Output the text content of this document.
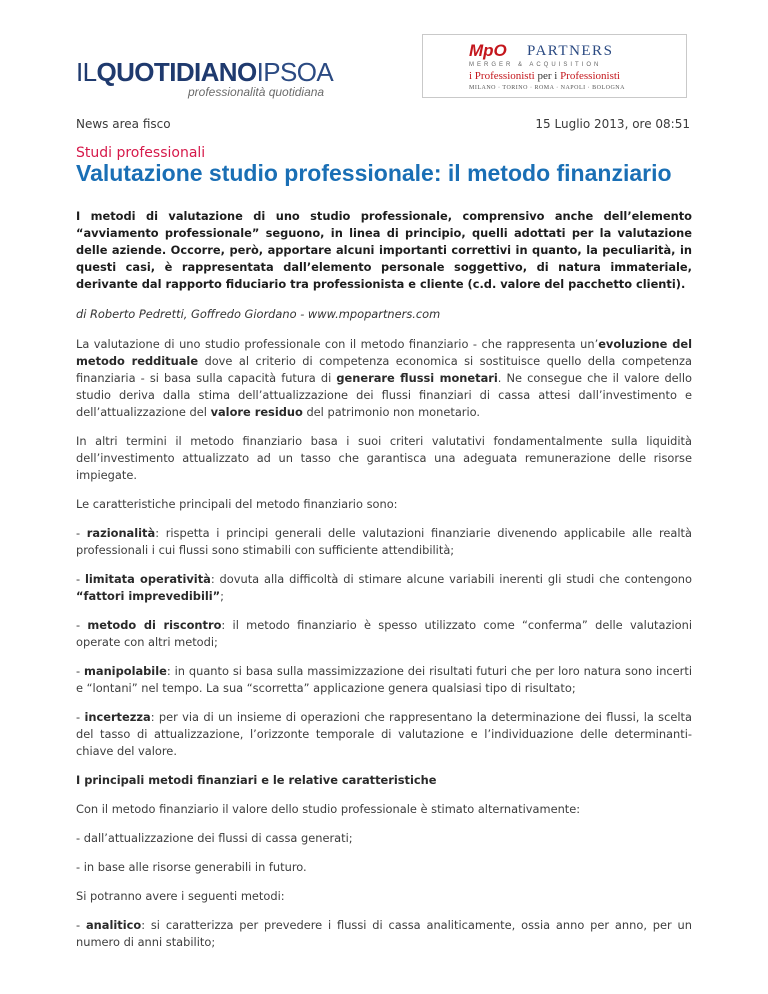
ILQUOTIDIANOIPSOA
professionalità quotidiana
MpO PARTNERS
MERGER & ACQUISITION
i Professionisti per i Professionisti
MILANO · TORINO · ROMA · NAPOLI · BOLOGNA
News area fisco	15 Luglio 2013, ore 08:51
Studi professionali
Valutazione studio professionale: il metodo finanziario

I metodi di valutazione di uno studio professionale, comprensivo anche dell’elemento “avviamento professionale” seguono, in linea di principio, quelli adottati per la valutazione delle aziende. Occorre, però, apportare alcuni importanti correttivi in quanto, la peculiarità, in questi casi, è rappresentata dall’elemento personale soggettivo, di natura immateriale, derivante dal rapporto fiduciario tra professionista e cliente (c.d. valore del pacchetto clienti).

di Roberto Pedretti, Goffredo Giordano - www.mpopartners.com

La valutazione di uno studio professionale con il metodo finanziario - che rappresenta un’evoluzione del metodo reddituale dove al criterio di competenza economica si sostituisce quello della competenza finanziaria - si basa sulla capacità futura di generare flussi monetari. Ne consegue che il valore dello studio deriva dalla stima dell’attualizzazione dei flussi finanziari di cassa attesi dall’investimento e dell’attualizzazione del valore residuo del patrimonio non monetario.

In altri termini il metodo finanziario basa i suoi criteri valutativi fondamentalmente sulla liquidità dell’investimento attualizzato ad un tasso che garantisca una adeguata remunerazione delle risorse impiegate.

Le caratteristiche principali del metodo finanziario sono:

- razionalità: rispetta i principi generali delle valutazioni finanziarie divenendo applicabile alle realtà professionali i cui flussi sono stimabili con sufficiente attendibilità;

- limitata operatività: dovuta alla difficoltà di stimare alcune variabili inerenti gli studi che contengono “fattori imprevedibili”;

- metodo di riscontro: il metodo finanziario è spesso utilizzato come “conferma” delle valutazioni operate con altri metodi;

- manipolabile: in quanto si basa sulla massimizzazione dei risultati futuri che per loro natura sono incerti e “lontani” nel tempo. La sua “scorretta” applicazione genera qualsiasi tipo di risultato;

- incertezza: per via di un insieme di operazioni che rappresentano la determinazione dei flussi, la scelta del tasso di attualizzazione, l’orizzonte temporale di valutazione e l’individuazione delle determinanti-chiave del valore.

I principali metodi finanziari e le relative caratteristiche

Con il metodo finanziario il valore dello studio professionale è stimato alternativamente:

- dall’attualizzazione dei flussi di cassa generati;

- in base alle risorse generabili in futuro.

Si potranno avere i seguenti metodi:

- analitico: si caratterizza per prevedere i flussi di cassa analiticamente, ossia anno per anno, per un numero di anni stabilito;
